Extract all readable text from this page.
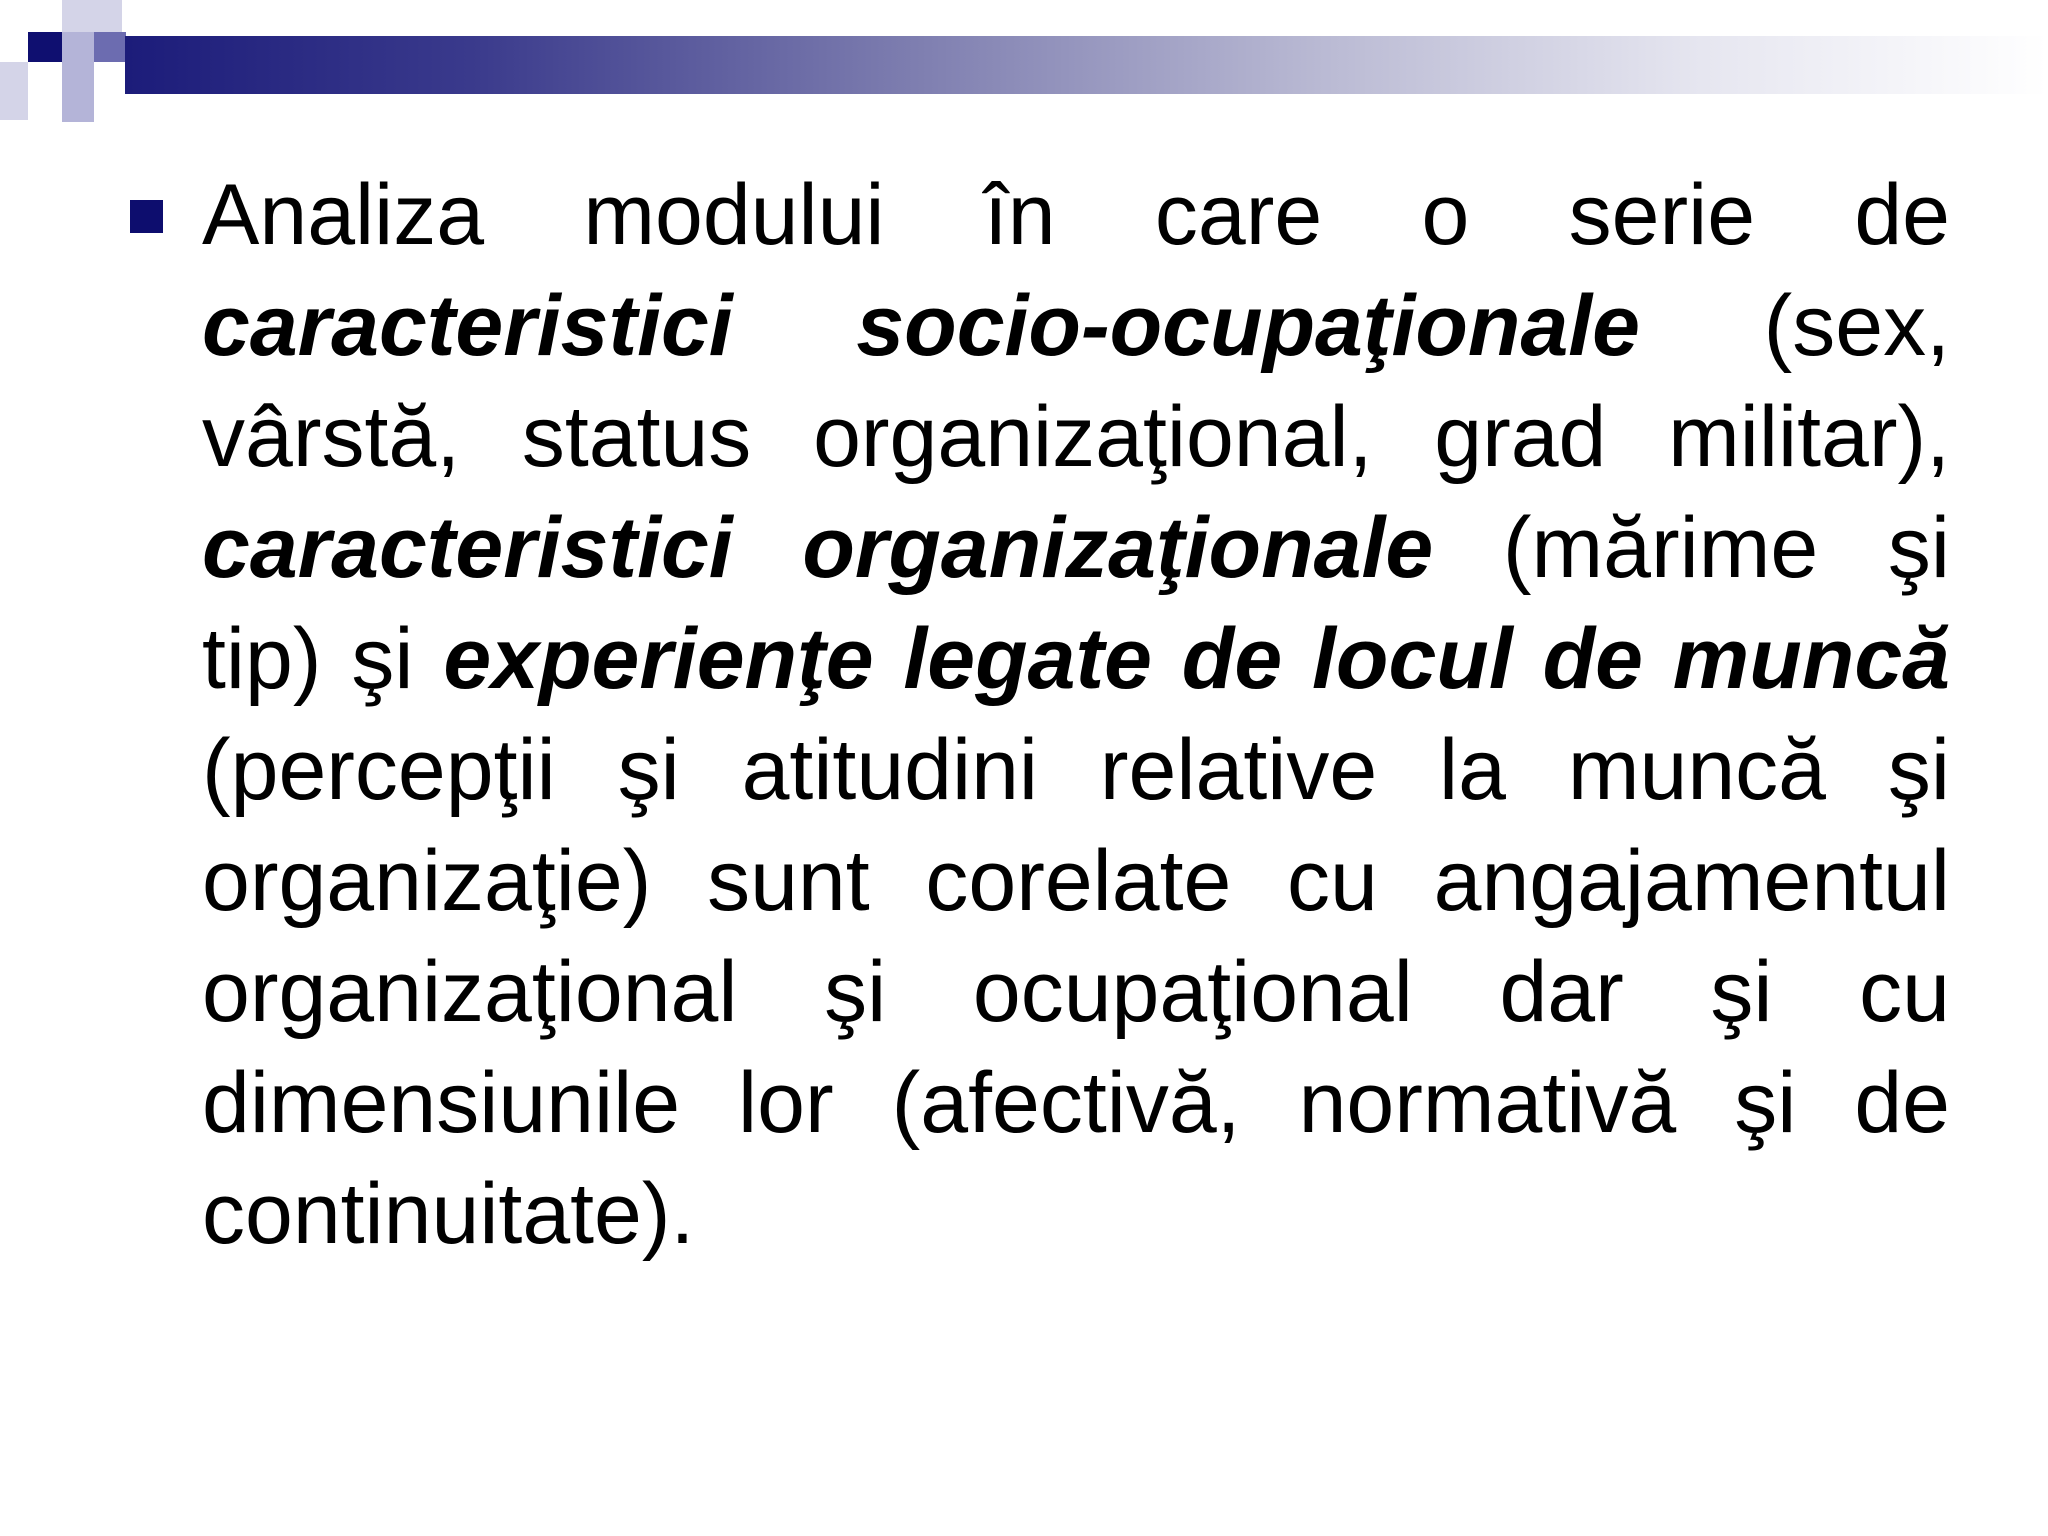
Analiza modului în care o serie de caracteristici socio-ocupaţionale (sex, vârstă, status organizaţional, grad militar), caracteristici organizaţionale (mărime şi tip) şi experienţe legate de locul de muncă (percepţii şi atitudini relative la muncă şi organizaţie) sunt corelate cu angajamentul organizaţional şi ocupaţional dar şi cu dimensiunile lor (afectivă, normativă şi de continuitate).
